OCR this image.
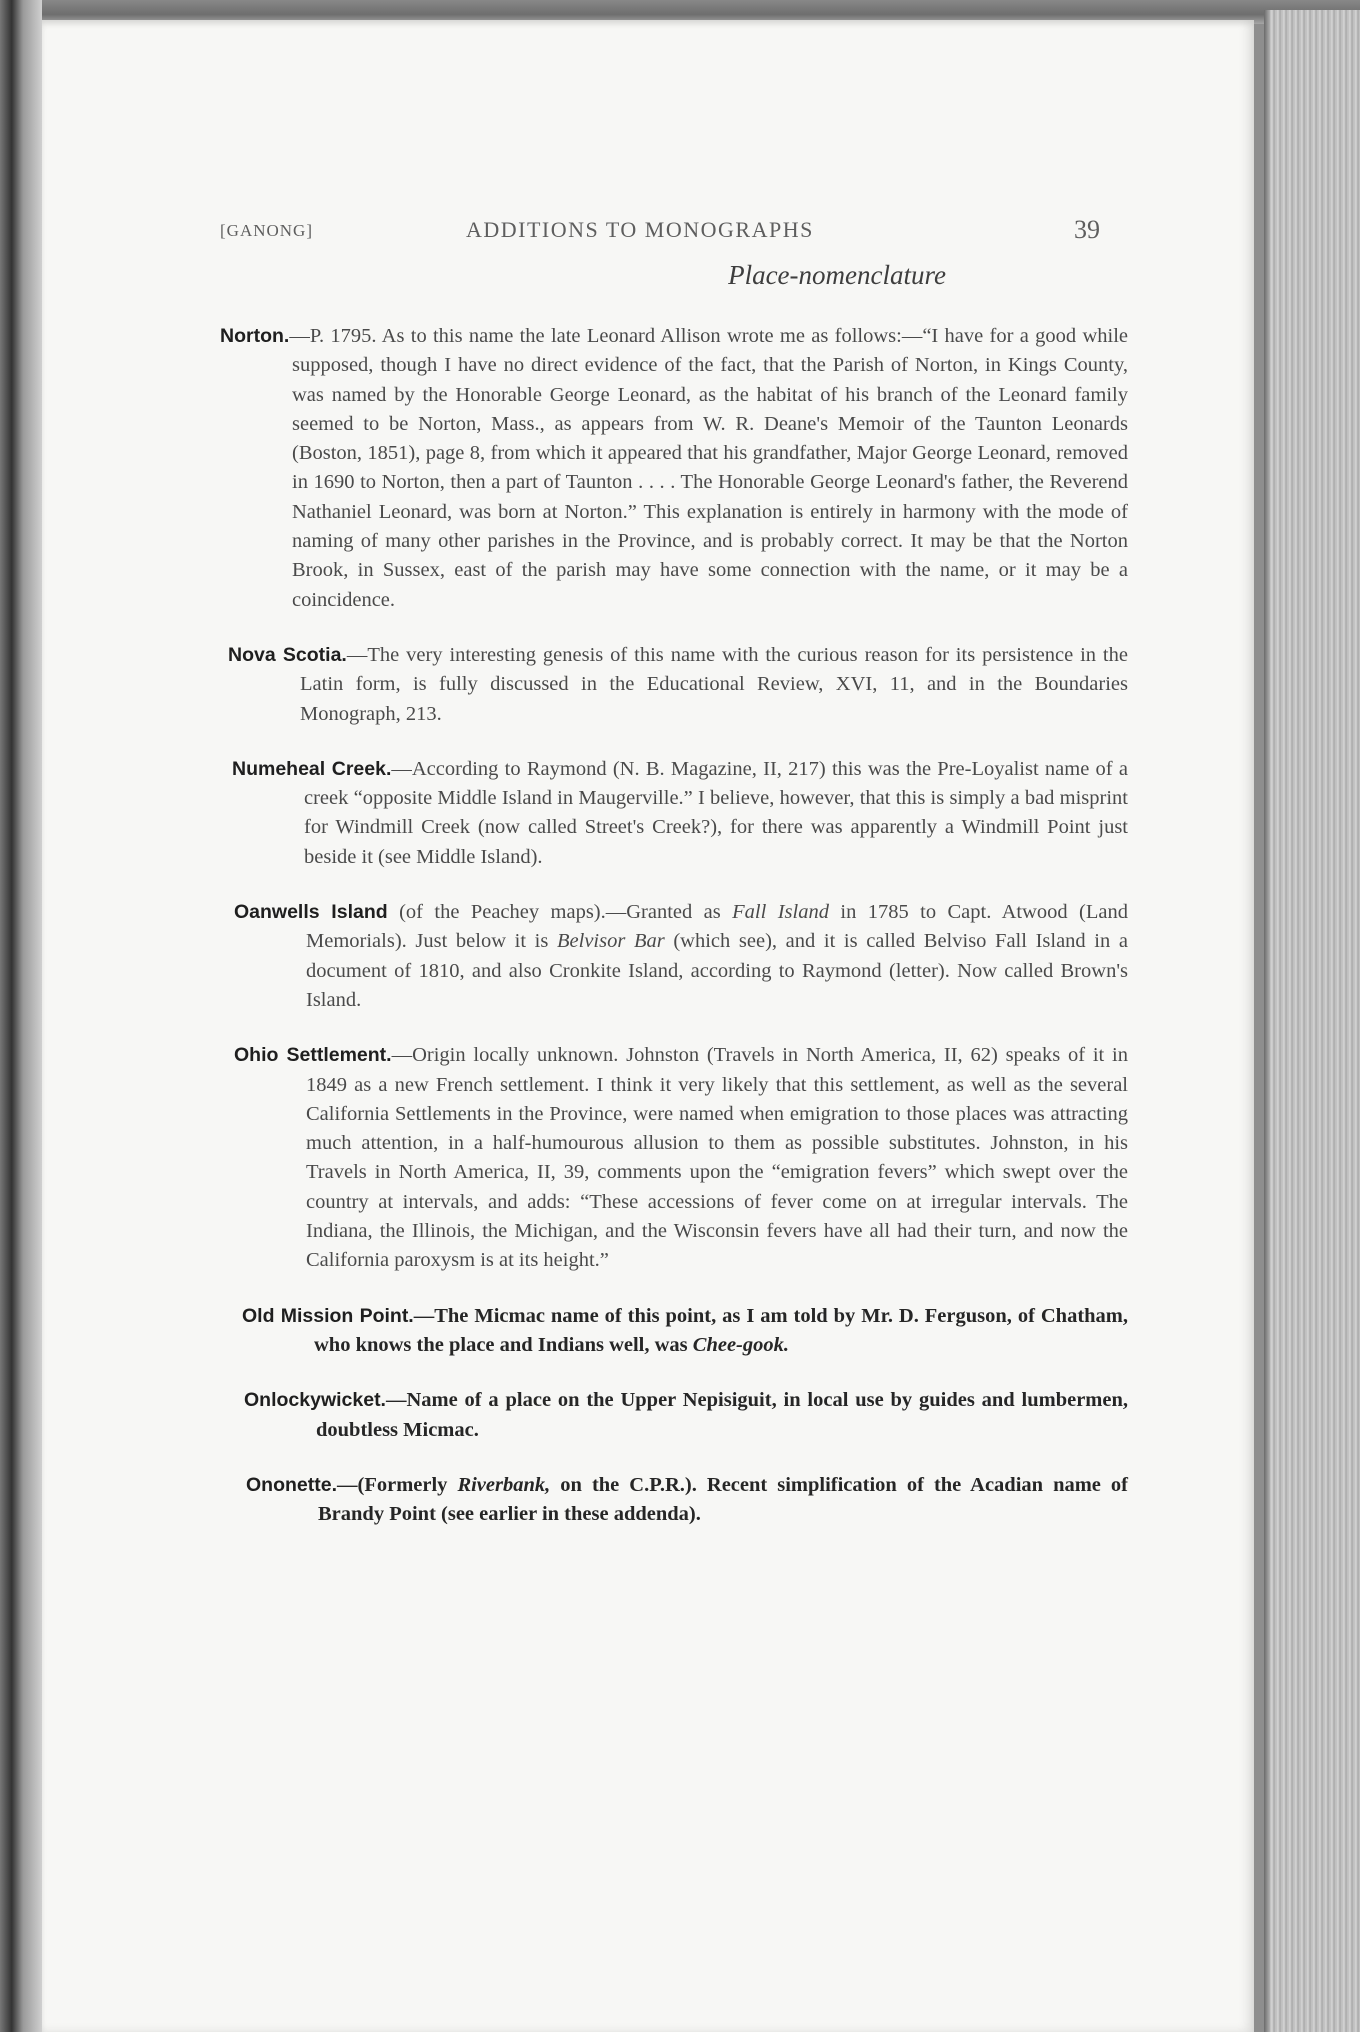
[GANONG]	ADDITIONS TO MONOGRAPHS	39
Place-nomenclature

Norton.—P. 1795. As to this name the late Leonard Allison wrote me as follows:—“I have for a good while supposed, though I have no direct evidence of the fact, that the Parish of Norton, in Kings County, was named by the Honorable George Leonard, as the habitat of his branch of the Leonard family seemed to be Norton, Mass., as appears from W. R. Deane's Memoir of the Taunton Leonards (Boston, 1851), page 8, from which it appeared that his grandfather, Major George Leonard, removed in 1690 to Norton, then a part of Taunton . . . . The Honorable George Leonard's father, the Reverend Nathaniel Leonard, was born at Norton.” This explanation is entirely in harmony with the mode of naming of many other parishes in the Province, and is probably correct. It may be that the Norton Brook, in Sussex, east of the parish may have some connection with the name, or it may be a coincidence.

Nova Scotia.—The very interesting genesis of this name with the curious reason for its persistence in the Latin form, is fully discussed in the Educational Review, XVI, 11, and in the Boundaries Monograph, 213.

Numeheal Creek.—According to Raymond (N. B. Magazine, II, 217) this was the Pre-Loyalist name of a creek “opposite Middle Island in Maugerville.” I believe, however, that this is simply a bad misprint for Windmill Creek (now called Street's Creek?), for there was apparently a Windmill Point just beside it (see Middle Island).

Oanwells Island (of the Peachey maps).—Granted as Fall Island in 1785 to Capt. Atwood (Land Memorials). Just below it is Belvisor Bar (which see), and it is called Belviso Fall Island in a document of 1810, and also Cronkite Island, according to Raymond (letter). Now called Brown's Island.

Ohio Settlement.—Origin locally unknown. Johnston (Travels in North America, II, 62) speaks of it in 1849 as a new French settlement. I think it very likely that this settlement, as well as the several California Settlements in the Province, were named when emigration to those places was attracting much attention, in a half-humourous allusion to them as possible substitutes. Johnston, in his Travels in North America, II, 39, comments upon the “emigration fevers” which swept over the country at intervals, and adds: “These accessions of fever come on at irregular intervals. The Indiana, the Illinois, the Michigan, and the Wisconsin fevers have all had their turn, and now the California paroxysm is at its height.”

Old Mission Point.—The Micmac name of this point, as I am told by Mr. D. Ferguson, of Chatham, who knows the place and Indians well, was Chee-gook.

Onlockywicket.—Name of a place on the Upper Nepisiguit, in local use by guides and lumbermen, doubtless Micmac.

Ononette.—(Formerly Riverbank, on the C.P.R.). Recent simplification of the Acadian name of Brandy Point (see earlier in these addenda).
